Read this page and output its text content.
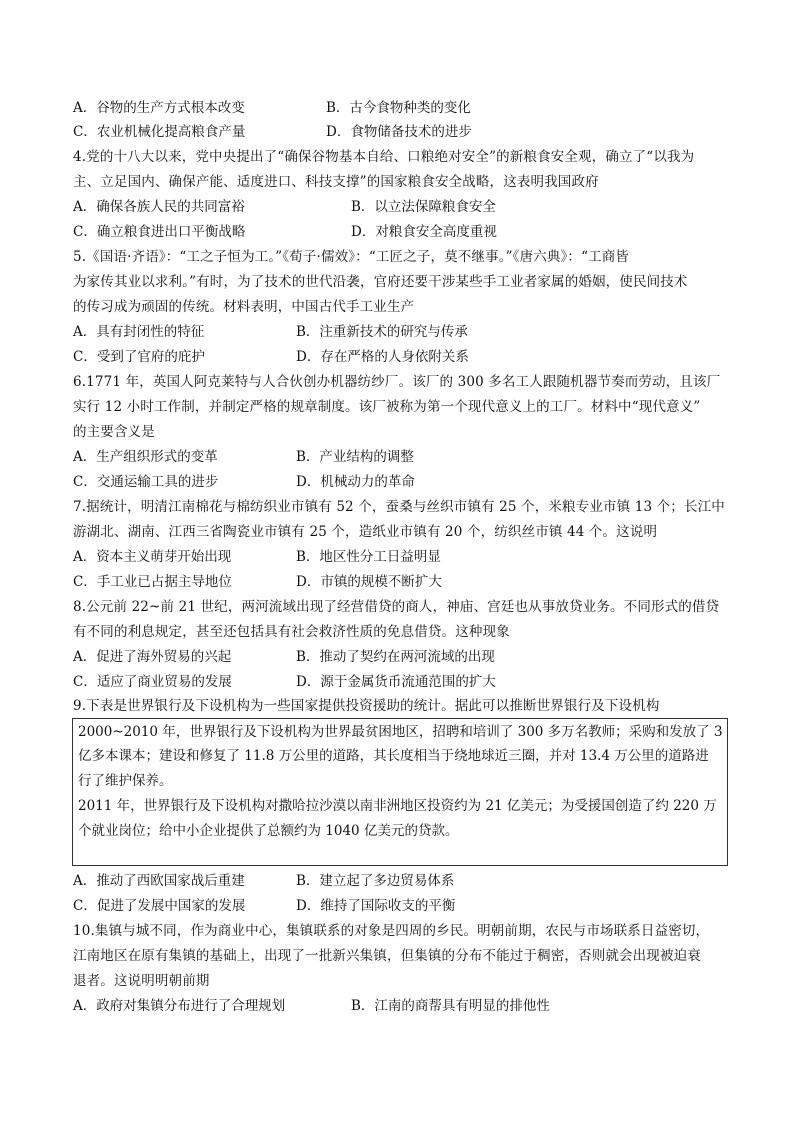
A．谷物的生产方式根本改变	B．古今食物种类的变化
C．农业机械化提高粮食产量	D．食物储备技术的进步
4.党的十八大以来，党中央提出了“确保谷物基本自给、口粮绝对安全”的新粮食安全观，确立了“以我为
主、立足国内、确保产能、适度进口、科技支撑”的国家粮食安全战略，这表明我国政府
A．确保各族人民的共同富裕	B．以立法保障粮食安全
C．确立粮食进出口平衡战略	D．对粮食安全高度重视
5.《国语·齐语》：“工之子恒为工。”《荀子·儒效》：“工匠之子，莫不继事。”《唐六典》：“工商皆
为家传其业以求利。”有时，为了技术的世代沿袭，官府还要干涉某些手工业者家属的婚姻，使民间技术
的传习成为顽固的传统。材料表明，中国古代手工业生产
A．具有封闭性的特征	B．注重新技术的研究与传承
C．受到了官府的庇护	D．存在严格的人身依附关系
6.1771 年，英国人阿克莱特与人合伙创办机器纺纱厂。该厂的 300 多名工人跟随机器节奏而劳动，且该厂
实行 12 小时工作制，并制定严格的规章制度。该厂被称为第一个现代意义上的工厂。材料中“现代意义”
的主要含义是
A．生产组织形式的变革	B．产业结构的调整
C．交通运输工具的进步	D．机械动力的革命
7.据统计，明清江南棉花与棉纺织业市镇有 52 个，蚕桑与丝织市镇有 25 个，米粮专业市镇 13 个；长江中
游湖北、湖南、江西三省陶瓷业市镇有 25 个，造纸业市镇有 20 个，纺织丝市镇 44 个。这说明
A．资本主义萌芽开始出现	B．地区性分工日益明显
C．手工业已占据主导地位	D．市镇的规模不断扩大
8.公元前 22~前 21 世纪，两河流域出现了经营借贷的商人，神庙、宫廷也从事放贷业务。不同形式的借贷
有不同的利息规定，甚至还包括具有社会救济性质的免息借贷。这种现象
A．促进了海外贸易的兴起	B．推动了契约在两河流域的出现
C．适应了商业贸易的发展	D．源于金属货币流通范围的扩大
9.下表是世界银行及下设机构为一些国家提供投资援助的统计。据此可以推断世界银行及下设机构
2000~2010 年，世界银行及下设机构为世界最贫困地区，招聘和培训了 300 多万名教师；采购和发放了 3
亿多本课本；建设和修复了 11.8 万公里的道路，其长度相当于绕地球近三圈，并对 13.4 万公里的道路进
行了维护保养。
2011 年，世界银行及下设机构对撒哈拉沙漠以南非洲地区投资约为 21 亿美元；为受援国创造了约 220 万
个就业岗位；给中小企业提供了总额约为 1040 亿美元的贷款。
A．推动了西欧国家战后重建	B．建立起了多边贸易体系
C．促进了发展中国家的发展	D．维持了国际收支的平衡
10.集镇与城不同，作为商业中心，集镇联系的对象是四周的乡民。明朝前期，农民与市场联系日益密切，
江南地区在原有集镇的基础上，出现了一批新兴集镇，但集镇的分布不能过于稠密，否则就会出现被迫衰
退者。这说明明朝前期
A．政府对集镇分布进行了合理规划	B．江南的商帮具有明显的排他性
